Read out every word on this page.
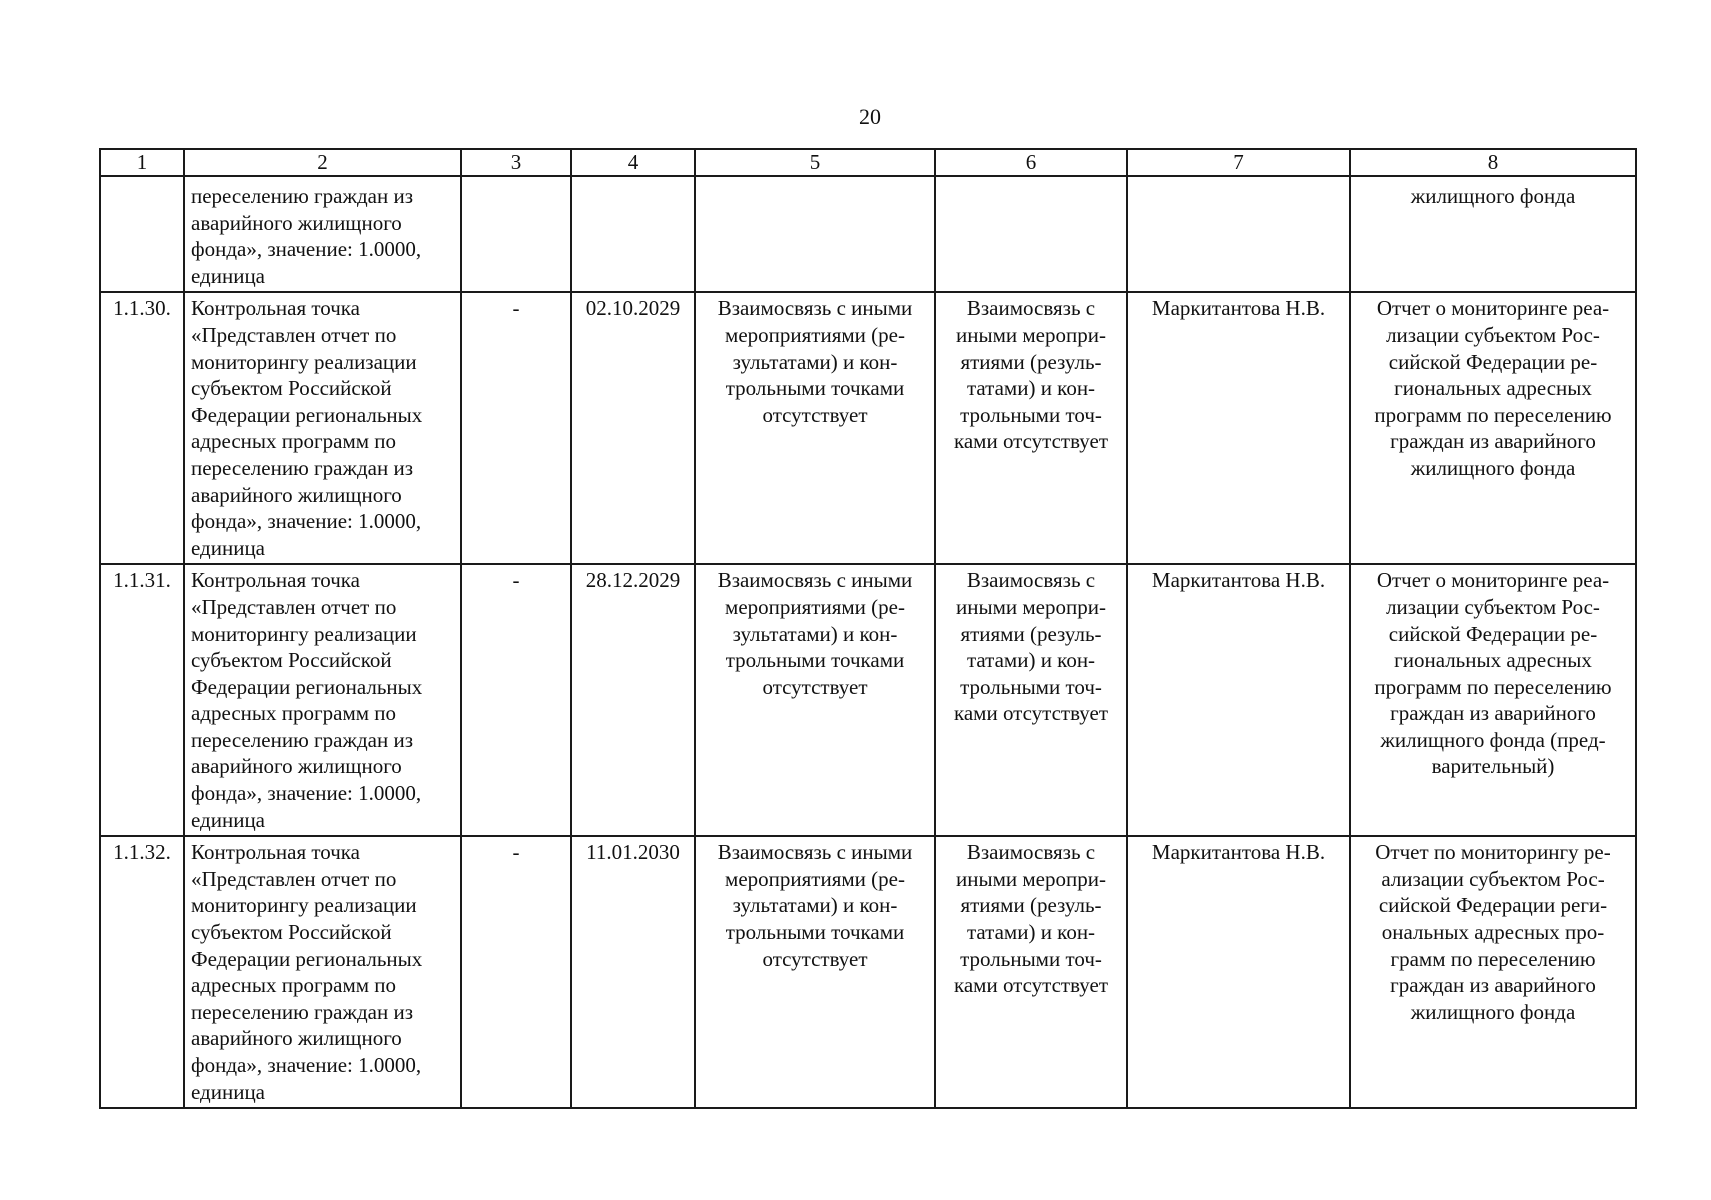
20
1	2	3	4	5	6	7	8
	переселению граждан из аварийного жилищного фонда», значение: 1.0000, единица						жилищного фонда
1.1.30.	Контрольная точка «Представлен отчет по мониторингу реализации субъектом Российской Федерации региональных адресных программ по переселению граждан из аварийного жилищного фонда», значение: 1.0000, единица	-	02.10.2029	Взаимосвязь с иными мероприятиями (ре-зультатами) и кон-трольными точками отсутствует	Взаимосвязь с иными меропри-ятиями (резуль-татами) и кон-трольными точ-ками отсутствует	Маркитантова Н.В.	Отчет о мониторинге реа-лизации субъектом Рос-сийской Федерации ре-гиональных адресных программ по переселению граждан из аварийного жилищного фонда
1.1.31.	Контрольная точка «Представлен отчет по мониторингу реализации субъектом Российской Федерации региональных адресных программ по переселению граждан из аварийного жилищного фонда», значение: 1.0000, единица	-	28.12.2029	Взаимосвязь с иными мероприятиями (ре-зультатами) и кон-трольными точками отсутствует	Взаимосвязь с иными меропри-ятиями (резуль-татами) и кон-трольными точ-ками отсутствует	Маркитантова Н.В.	Отчет о мониторинге реа-лизации субъектом Рос-сийской Федерации ре-гиональных адресных программ по переселению граждан из аварийного жилищного фонда (пред-варительный)
1.1.32.	Контрольная точка «Представлен отчет по мониторингу реализации субъектом Российской Федерации региональных адресных программ по переселению граждан из аварийного жилищного фонда», значение: 1.0000, единица	-	11.01.2030	Взаимосвязь с иными мероприятиями (ре-зультатами) и кон-трольными точками отсутствует	Взаимосвязь с иными меропри-ятиями (резуль-татами) и кон-трольными точ-ками отсутствует	Маркитантова Н.В.	Отчет по мониторингу ре-ализации субъектом Рос-сийской Федерации реги-ональных адресных про-грамм по переселению граждан из аварийного жилищного фонда
